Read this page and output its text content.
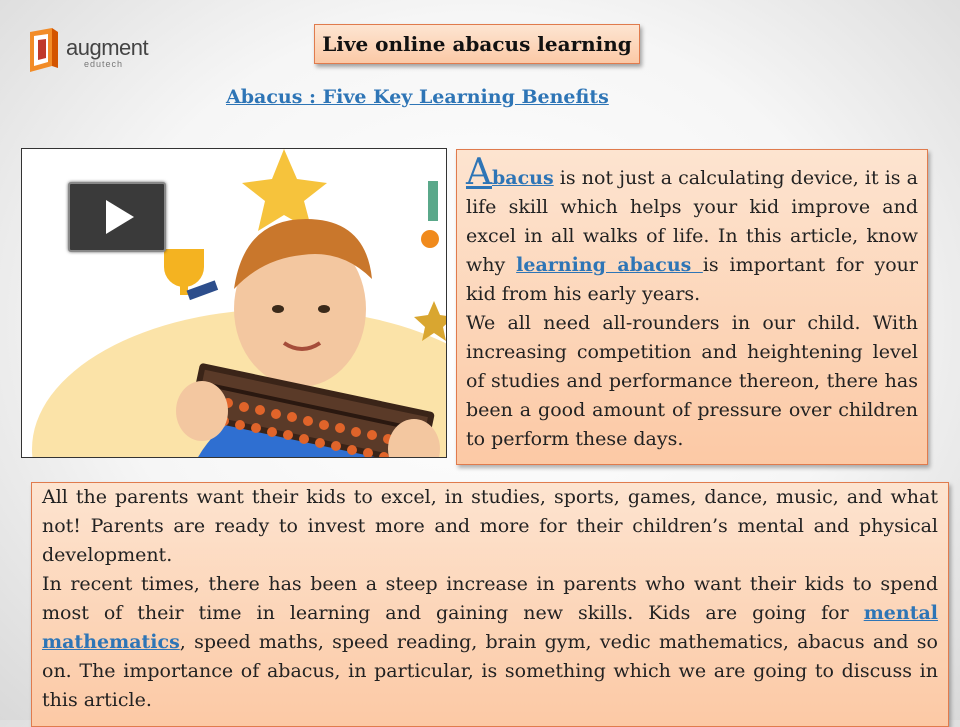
augment
edutech
Live online abacus learning
Abacus : Five Key Learning Benefits

Abacus is not just a calculating device, it is a life skill which helps your kid improve and excel in all walks of life. In this article, know why learning abacus is important for your kid from his early years.

We all need all-rounders in our child. With increasing competition and heightening level of studies and performance thereon, there has been a good amount of pressure over children to perform these days.

All the parents want their kids to excel, in studies, sports, games, dance, music, and what not! Parents are ready to invest more and more for their children’s mental and physical development.

In recent times, there has been a steep increase in parents who want their kids to spend most of their time in learning and gaining new skills. Kids are going for mental mathematics, speed maths, speed reading, brain gym, vedic mathematics, abacus and so on. The importance of abacus, in particular, is something which we are going to discuss in this article.
